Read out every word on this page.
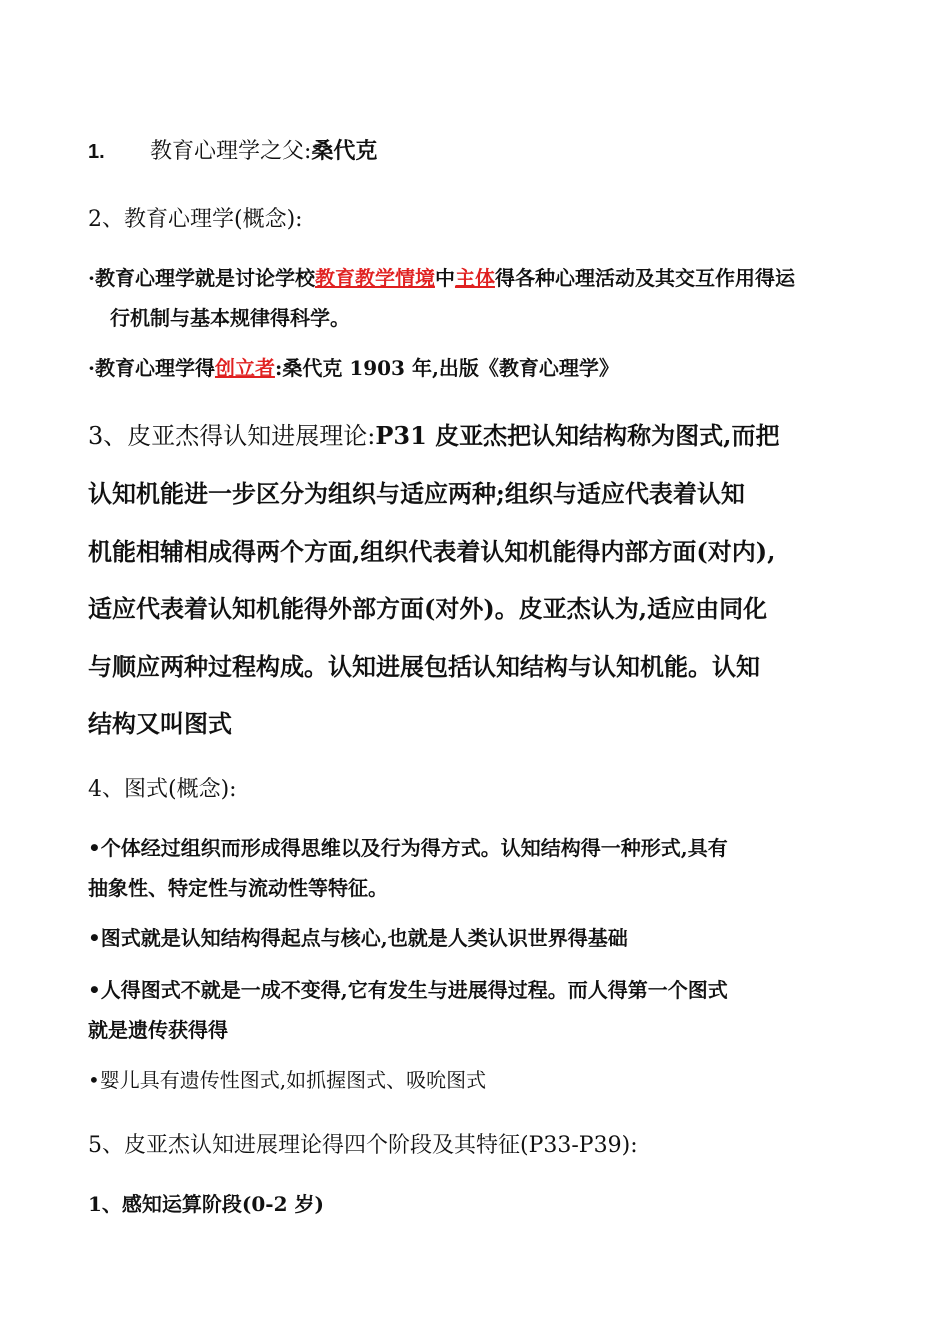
1. 教育心理学之父:桑代克

2、教育心理学(概念):

·教育心理学就是讨论学校教育教学情境中主体得各种心理活动及其交互作用得运

行机制与基本规律得科学。

·教育心理学得创立者:桑代克 1903 年,出版《教育心理学》

3、皮亚杰得认知进展理论:P31 皮亚杰把认知结构称为图式,而把

认知机能进一步区分为组织与适应两种;组织与适应代表着认知

机能相辅相成得两个方面,组织代表着认知机能得内部方面(对内),

适应代表着认知机能得外部方面(对外)。皮亚杰认为,适应由同化

与顺应两种过程构成。认知进展包括认知结构与认知机能。认知

结构又叫图式

4、图式(概念):

•个体经过组织而形成得思维以及行为得方式。认知结构得一种形式,具有

抽象性、特定性与流动性等特征。

•图式就是认知结构得起点与核心,也就是人类认识世界得基础

•人得图式不就是一成不变得,它有发生与进展得过程。而人得第一个图式

就是遗传获得得

•婴儿具有遗传性图式,如抓握图式、吸吮图式

5、皮亚杰认知进展理论得四个阶段及其特征(P33-P39):

1、感知运算阶段(0-2 岁)
